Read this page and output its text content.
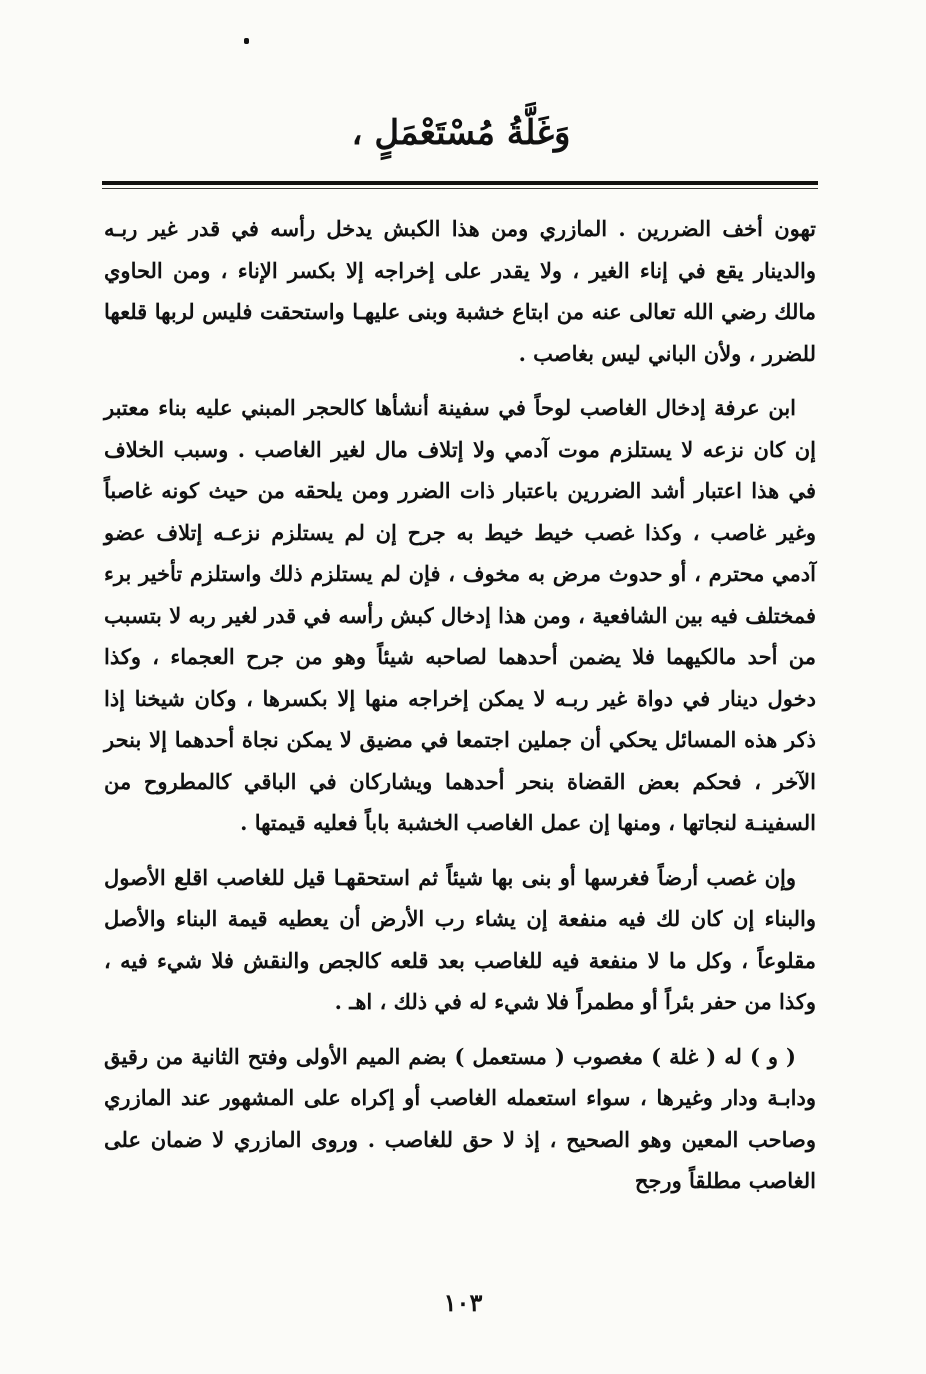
وَغَلَّةُ مُسْتَعْمَلٍ ،

تهون أخف الضررين . المازري ومن هذا الكبش يدخل رأسه في قدر غير ربـه والدينار يقع في إناء الغير ، ولا يقدر على إخراجه إلا بكسر الإناء ، ومن الحاوي مالك رضي الله تعالى عنه من ابتاع خشبة وبنى عليهـا واستحقت فليس لربها قلعها للضرر ، ولأن الباني ليس بغاصب .

ابن عرفة إدخال الغاصب لوحاً في سفينة أنشأها كالحجر المبني عليه بناء معتبر إن كان نزعه لا يستلزم موت آدمي ولا إتلاف مال لغير الغاصب . وسبب الخلاف في هذا اعتبار أشد الضررين باعتبار ذات الضرر ومن يلحقه من حيث كونه غاصباً وغير غاصب ، وكذا غصب خيط خيط به جرح إن لم يستلزم نزعـه إتلاف عضو آدمي محترم ، أو حدوث مرض به مخوف ، فإن لم يستلزم ذلك واستلزم تأخير برء فمختلف فيه بين الشافعية ، ومن هذا إدخال كبش رأسه في قدر لغير ربه لا بتسبب من أحد مالكيهما فلا يضمن أحدهما لصاحبه شيئاً وهو من جرح العجماء ، وكذا دخول دينار في دواة غير ربـه لا يمكن إخراجه منها إلا بكسرها ، وكان شيخنا إذا ذكر هذه المسائل يحكي أن جملين اجتمعا في مضيق لا يمكن نجاة أحدهما إلا بنحر الآخر ، فحكم بعض القضاة بنحر أحدهما ويشاركان في الباقي كالمطروح من السفينـة لنجاتها ، ومنها إن عمل الغاصب الخشبة باباً فعليه قيمتها .

وإن غصب أرضاً فغرسها أو بنى بها شيئاً ثم استحقهـا قيل للغاصب اقلع الأصول والبناء إن كان لك فيه منفعة إن يشاء رب الأرض أن يعطيه قيمة البناء والأصل مقلوعاً ، وكل ما لا منفعة فيه للغاصب بعد قلعه كالجص والنقش فلا شيء فيه ، وكذا من حفر بئراً أو مطمراً فلا شيء له في ذلك ، اهـ .

( و ) له ( غلة ) مغصوب ( مستعمل ) بضم الميم الأولى وفتح الثانية من رقيق ودابـة ودار وغيرها ، سواء استعمله الغاصب أو إكراه على المشهور عند المازري وصاحب المعين وهو الصحيح ، إذ لا حق للغاصب . وروى المازري لا ضمان على الغاصب مطلقاً ورجح

١٠٣
